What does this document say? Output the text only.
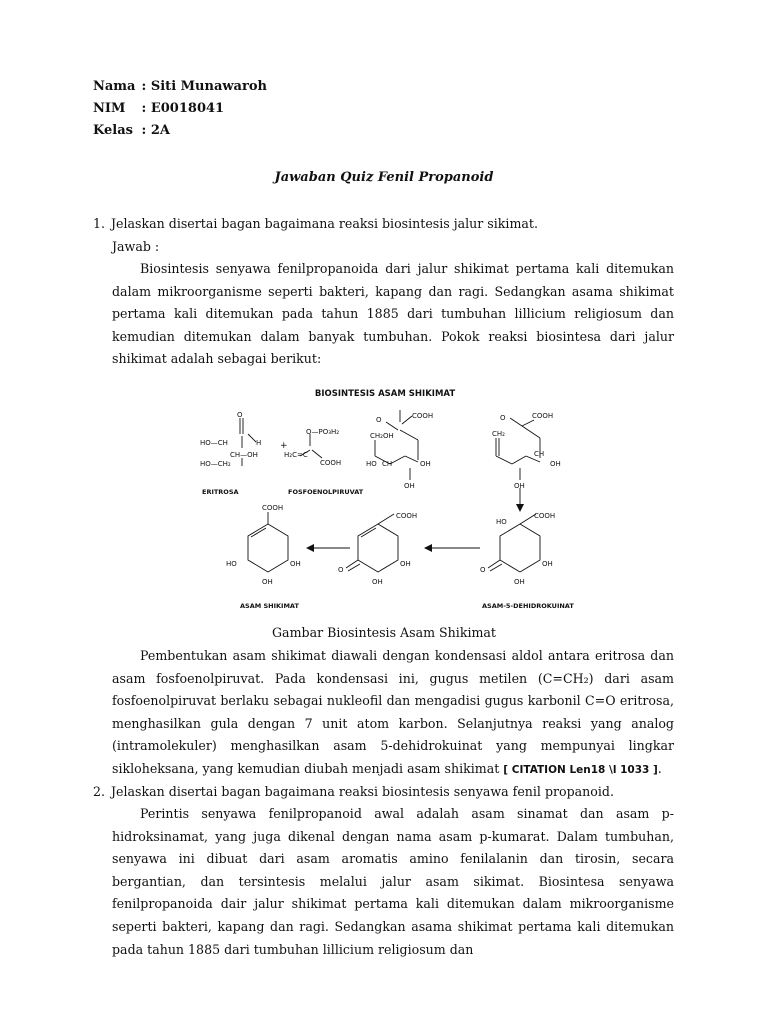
Nama : Siti Munawaroh
NIM : E0018041
Kelas : 2A
Jawaban Quiz Fenil Propanoid
1. Jelaskan disertai bagan bagaimana reaksi biosintesis jalur sikimat.
Jawab :
Biosintesis senyawa fenilpropanoida dari jalur shikimat pertama kali ditemukan dalam mikroorganisme seperti bakteri, kapang dan ragi. Sedangkan asama shikimat pertama kali ditemukan pada tahun 1885 dari tumbuhan lillicium religiosum dan kemudian ditemukan dalam banyak tumbuhan. Pokok reaksi biosintesa dari jalur shikimat adalah sebagai berikut:
BIOSINTESIS ASAM SHIKIMAT
O
HO—CH	H
CH—OH
HO—CH₂
ERITROSA
+
O—PO₃H₂
H₂C=C
COOH
FOSFOENOLPIRUVAT
O	COOH
CH₂OH
HO CH	OH
OH
O	COOH
CH₂
CH
OH
OH
HO
COOH
O
OH
OH
ASAM-5-DEHIDROKUINAT
COOH
O
OH
OH
COOH
HO	OH
OH
ASAM SHIKIMAT
Gambar Biosintesis Asam Shikimat
Pembentukan asam shikimat diawali dengan kondensasi aldol antara eritrosa dan asam fosfoenolpiruvat. Pada kondensasi ini, gugus metilen (C=CH₂) dari asam fosfoenolpiruvat berlaku sebagai nukleofil dan mengadisi gugus karbonil C=O eritrosa, menghasilkan gula dengan 7 unit atom karbon. Selanjutnya reaksi yang analog (intramolekuler) menghasilkan asam 5-dehidrokuinat yang mempunyai lingkar sikloheksana, yang kemudian diubah menjadi asam shikimat [ CITATION Len18 \l 1033 ].
2. Jelaskan disertai bagan bagaimana reaksi biosintesis senyawa fenil propanoid.
Perintis senyawa fenilpropanoid awal adalah asam sinamat dan asam p-hidroksinamat, yang juga dikenal dengan nama asam p-kumarat. Dalam tumbuhan, senyawa ini dibuat dari asam aromatis amino fenilalanin dan tirosin, secara bergantian, dan tersintesis melalui jalur asam sikimat. Biosintesa senyawa fenilpropanoida dair jalur shikimat pertama kali ditemukan dalam mikroorganisme seperti bakteri, kapang dan ragi. Sedangkan asama shikimat pertama kali ditemukan pada tahun 1885 dari tumbuhan lillicium religiosum dan
